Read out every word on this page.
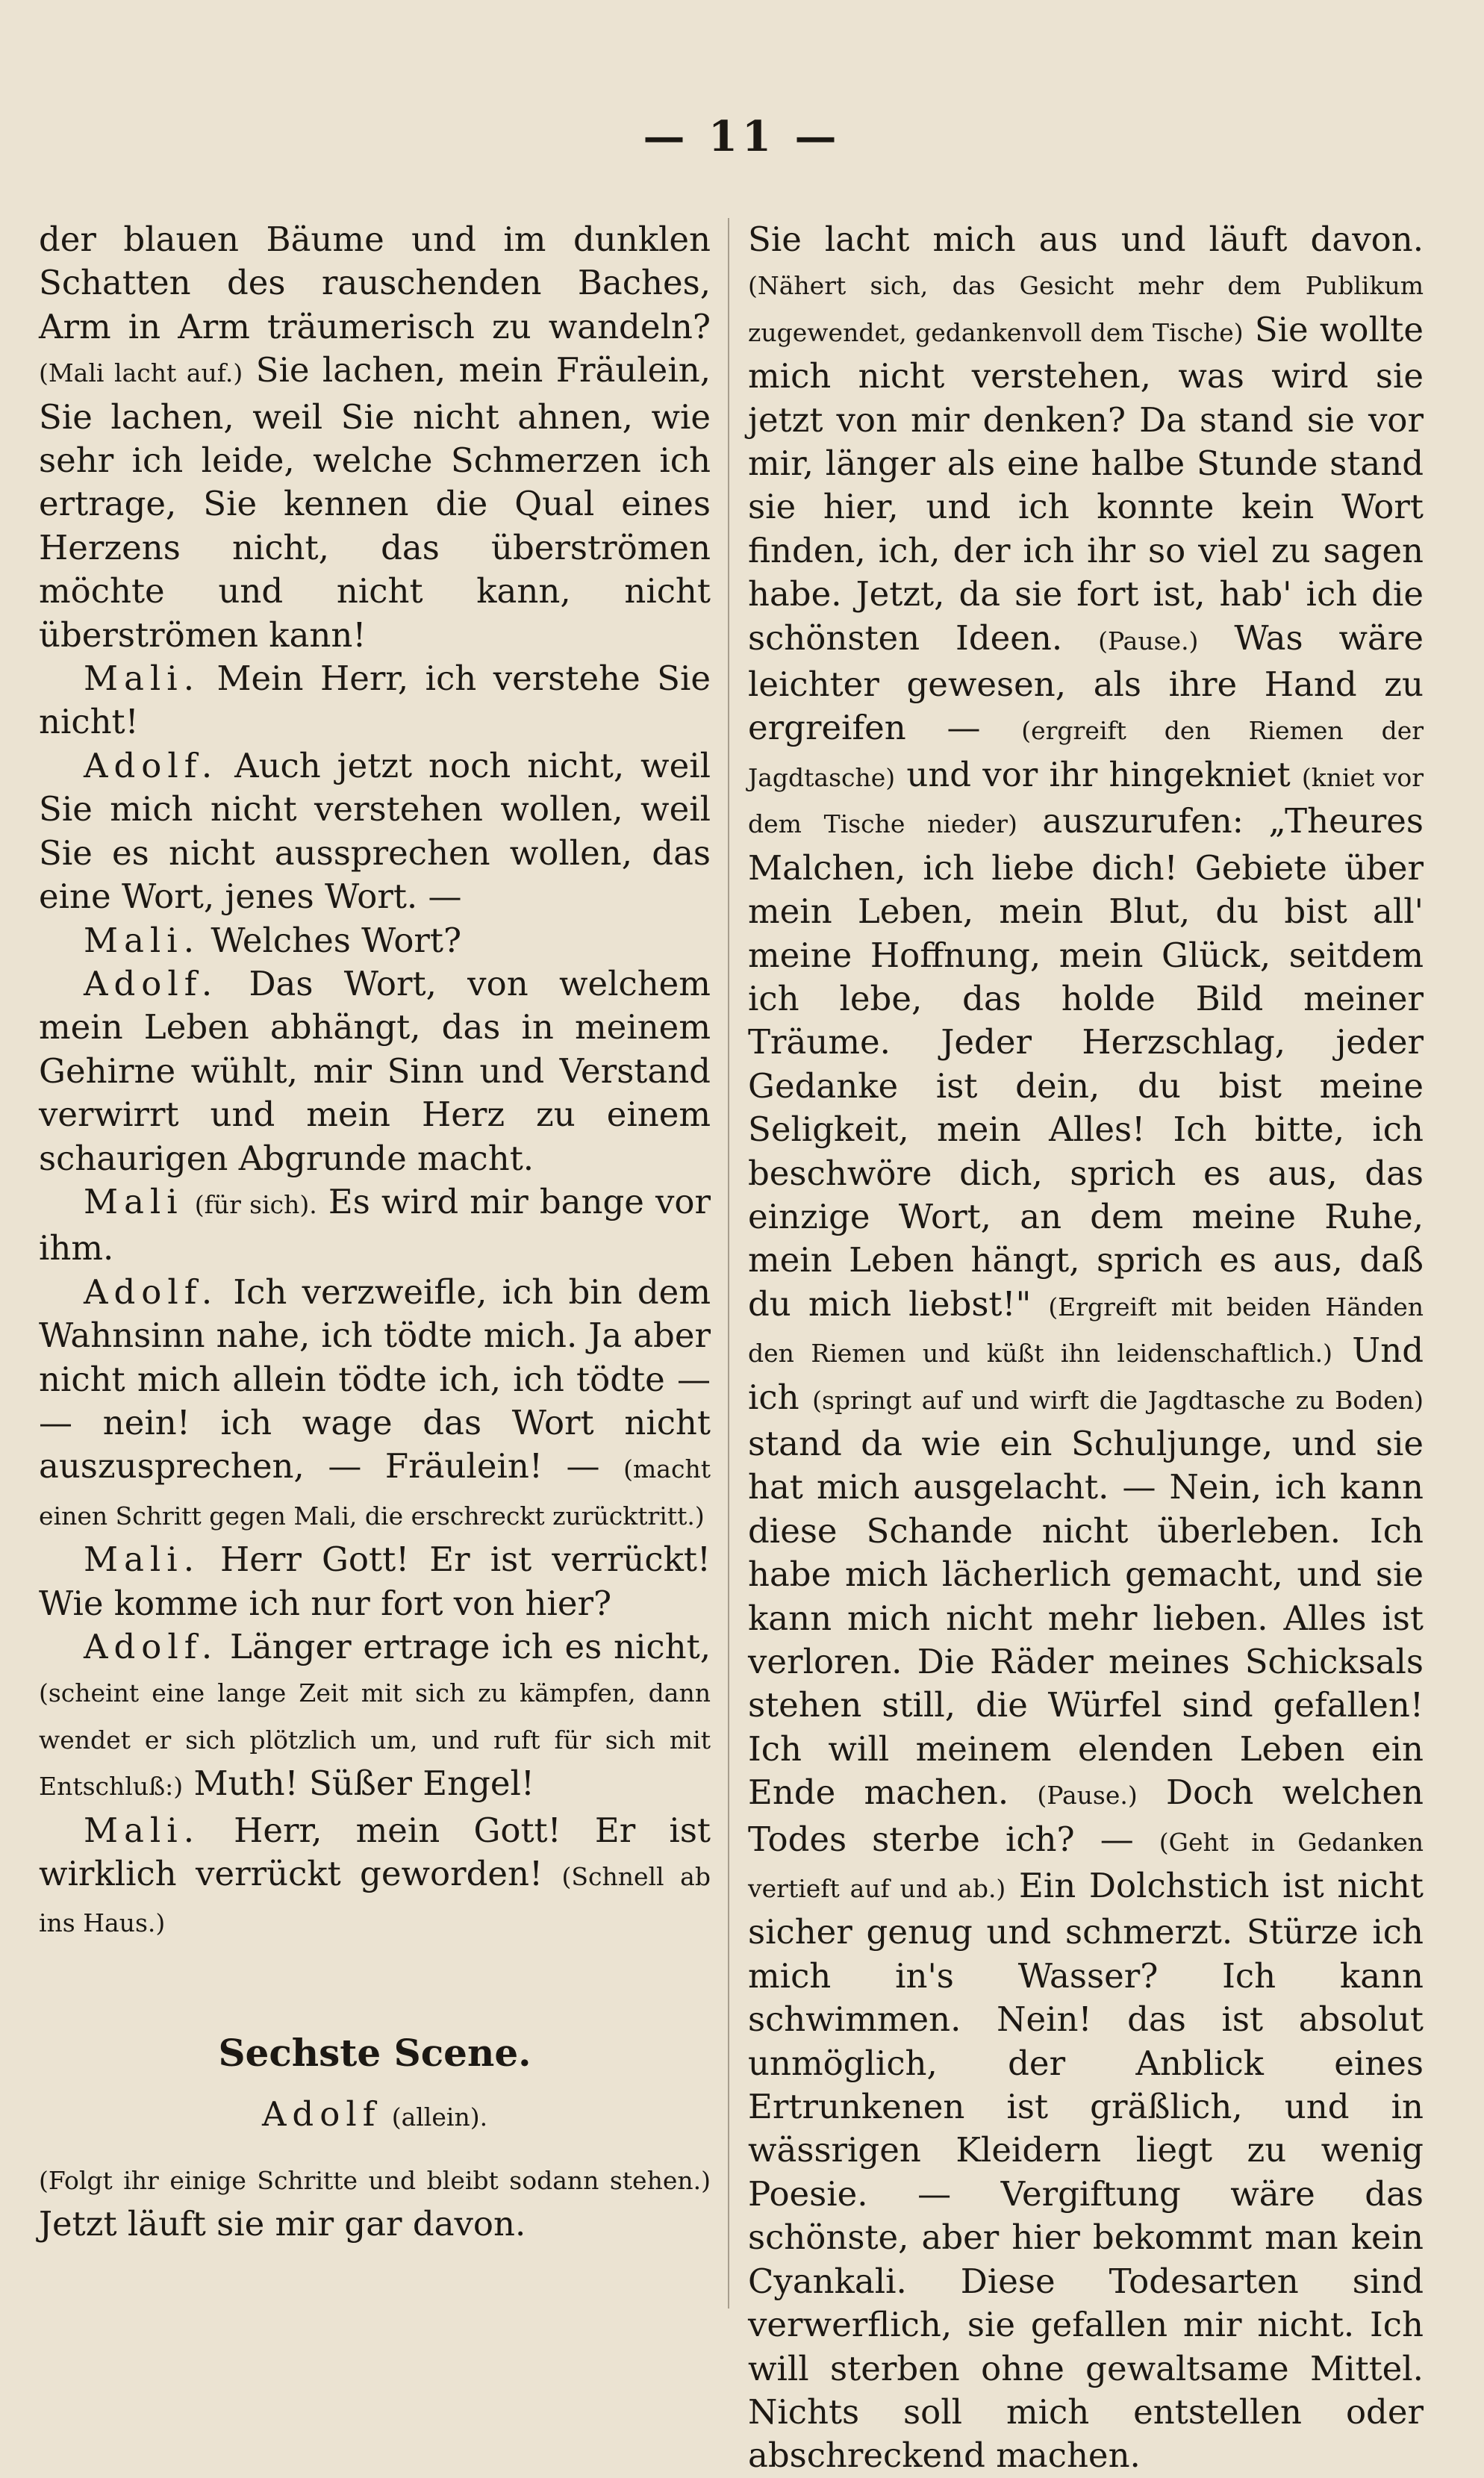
— 11 —

der blauen Bäume und im dunklen Schatten des rauschenden Baches, Arm in Arm träumerisch zu wandeln? (Mali lacht auf.) Sie lachen, mein Fräulein, Sie lachen, weil Sie nicht ahnen, wie sehr ich leide, welche Schmerzen ich ertrage, Sie kennen die Qual eines Herzens nicht, das überströmen möchte und nicht kann, nicht überströmen kann!

Mali. Mein Herr, ich verstehe Sie nicht!

Adolf. Auch jetzt noch nicht, weil Sie mich nicht verstehen wollen, weil Sie es nicht aussprechen wollen, das eine Wort, jenes Wort. —

Mali. Welches Wort?

Adolf. Das Wort, von welchem mein Leben abhängt, das in meinem Gehirne wühlt, mir Sinn und Verstand verwirrt und mein Herz zu einem schaurigen Abgrunde macht.

Mali (für sich). Es wird mir bange vor ihm.

Adolf. Ich verzweifle, ich bin dem Wahnsinn nahe, ich tödte mich. Ja aber nicht mich allein tödte ich, ich tödte — — nein! ich wage das Wort nicht auszusprechen, — Fräulein! — (macht einen Schritt gegen Mali, die erschreckt zurücktritt.)

Mali. Herr Gott! Er ist verrückt! Wie komme ich nur fort von hier?

Adolf. Länger ertrage ich es nicht, (scheint eine lange Zeit mit sich zu kämpfen, dann wendet er sich plötzlich um, und ruft für sich mit Entschluß:) Muth! Süßer Engel!

Mali. Herr, mein Gott! Er ist wirklich verrückt geworden! (Schnell ab ins Haus.)

Sechste Scene.

Adolf (allein).

(Folgt ihr einige Schritte und bleibt sodann stehen.) Jetzt läuft sie mir gar davon.

Sie lacht mich aus und läuft davon. (Nähert sich, das Gesicht mehr dem Publikum zugewendet, gedankenvoll dem Tische) Sie wollte mich nicht verstehen, was wird sie jetzt von mir denken? Da stand sie vor mir, länger als eine halbe Stunde stand sie hier, und ich konnte kein Wort finden, ich, der ich ihr so viel zu sagen habe. Jetzt, da sie fort ist, hab' ich die schönsten Ideen. (Pause.) Was wäre leichter gewesen, als ihre Hand zu ergreifen — (ergreift den Riemen der Jagdtasche) und vor ihr hingekniet (kniet vor dem Tische nieder) auszurufen: „Theures Malchen, ich liebe dich! Gebiete über mein Leben, mein Blut, du bist all' meine Hoffnung, mein Glück, seitdem ich lebe, das holde Bild meiner Träume. Jeder Herzschlag, jeder Gedanke ist dein, du bist meine Seligkeit, mein Alles! Ich bitte, ich beschwöre dich, sprich es aus, das einzige Wort, an dem meine Ruhe, mein Leben hängt, sprich es aus, daß du mich liebst!" (Ergreift mit beiden Händen den Riemen und küßt ihn leidenschaftlich.) Und ich (springt auf und wirft die Jagdtasche zu Boden) stand da wie ein Schuljunge, und sie hat mich ausgelacht. — Nein, ich kann diese Schande nicht überleben. Ich habe mich lächerlich gemacht, und sie kann mich nicht mehr lieben. Alles ist verloren. Die Räder meines Schicksals stehen still, die Würfel sind gefallen! Ich will meinem elenden Leben ein Ende machen. (Pause.) Doch welchen Todes sterbe ich? — (Geht in Gedanken vertieft auf und ab.) Ein Dolchstich ist nicht sicher genug und schmerzt. Stürze ich mich in's Wasser? Ich kann schwimmen. Nein! das ist absolut unmöglich, der Anblick eines Ertrunkenen ist gräßlich, und in wässrigen Kleidern liegt zu wenig Poesie. — Vergiftung wäre das schönste, aber hier bekommt man kein Cyankali. Diese Todesarten sind verwerflich, sie gefallen mir nicht. Ich will sterben ohne gewaltsame Mittel. Nichts soll mich entstellen oder abschreckend machen.
